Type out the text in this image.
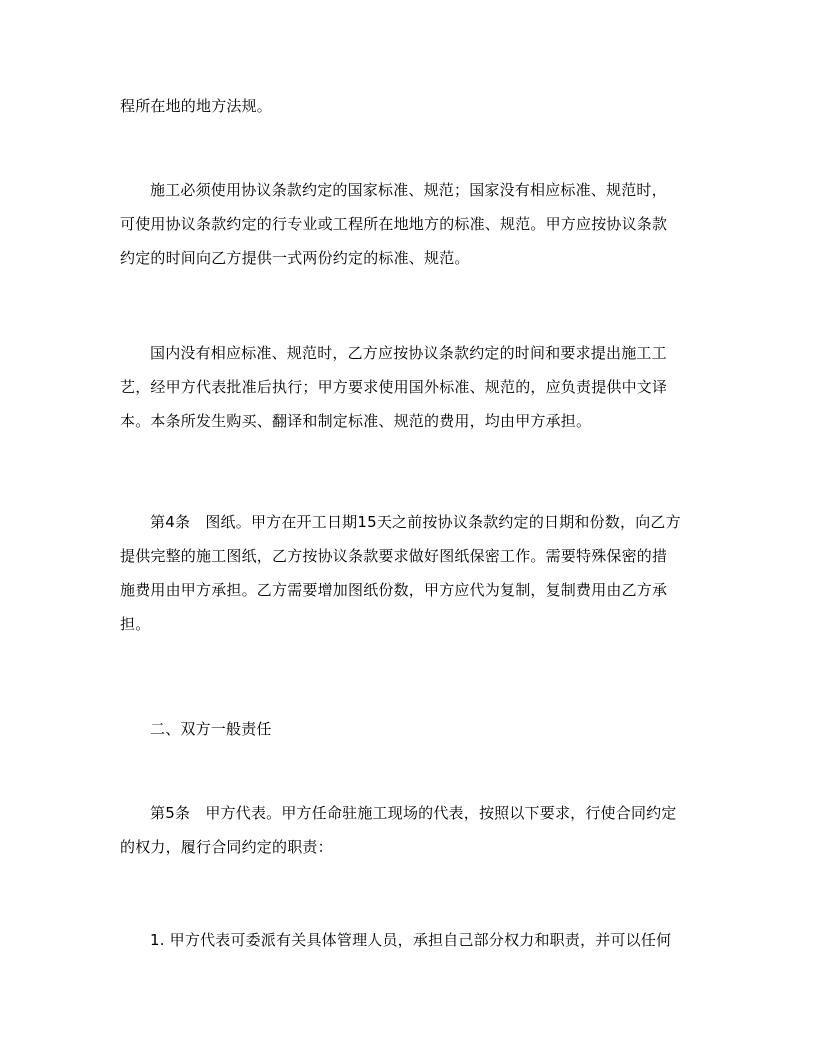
程所在地的地方法规。

施工必须使用协议条款约定的国家标准、规范；国家没有相应标准、规范时，
可使用协议条款约定的行专业或工程所在地地方的标准、规范。甲方应按协议条款
约定的时间向乙方提供一式两份约定的标准、规范。

国内没有相应标准、规范时，乙方应按协议条款约定的时间和要求提出施工工
艺，经甲方代表批准后执行；甲方要求使用国外标准、规范的，应负责提供中文译
本。本条所发生购买、翻译和制定标准、规范的费用，均由甲方承担。

第4条　图纸。甲方在开工日期15天之前按协议条款约定的日期和份数，向乙方
提供完整的施工图纸，乙方按协议条款要求做好图纸保密工作。需要特殊保密的措
施费用由甲方承担。乙方需要增加图纸份数，甲方应代为复制，复制费用由乙方承
担。

二、双方一般责任

第5条　甲方代表。甲方任命驻施工现场的代表，按照以下要求，行使合同约定
的权力，履行合同约定的职责：

1. 甲方代表可委派有关具体管理人员，承担自己部分权力和职责，并可以任何
